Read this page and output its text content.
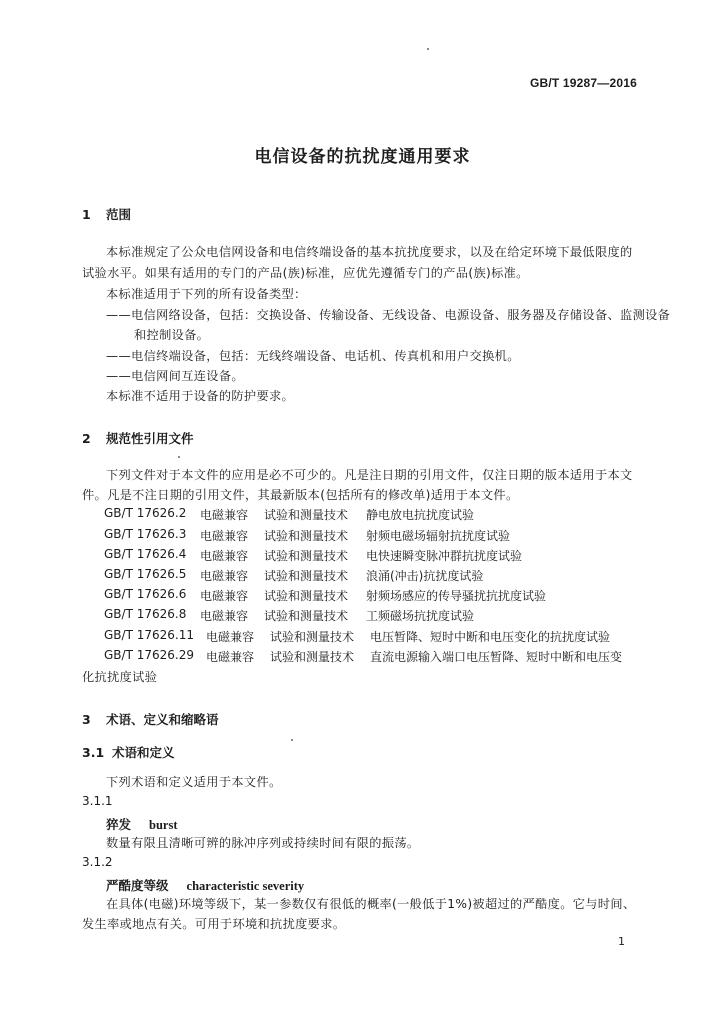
GB/T 19287—2016
电信设备的抗扰度通用要求
1 范围
本标准规定了公众电信网设备和电信终端设备的基本抗扰度要求，以及在给定环境下最低限度的
试验水平。如果有适用的专门的产品(族)标准，应优先遵循专门的产品(族)标准。
本标准适用于下列的所有设备类型：
——电信网络设备，包括：交换设备、传输设备、无线设备、电源设备、服务器及存储设备、监测设备
和控制设备。
——电信终端设备，包括：无线终端设备、电话机、传真机和用户交换机。
——电信网间互连设备。
本标准不适用于设备的防护要求。
2 规范性引用文件
下列文件对于本文件的应用是必不可少的。凡是注日期的引用文件，仅注日期的版本适用于本文
件。凡是不注日期的引用文件，其最新版本(包括所有的修改单)适用于本文件。
GB/T 17626.2 电磁兼容 试验和测量技术 静电放电抗扰度试验
GB/T 17626.3 电磁兼容 试验和测量技术 射频电磁场辐射抗扰度试验
GB/T 17626.4 电磁兼容 试验和测量技术 电快速瞬变脉冲群抗扰度试验
GB/T 17626.5 电磁兼容 试验和测量技术 浪涌(冲击)抗扰度试验
GB/T 17626.6 电磁兼容 试验和测量技术 射频场感应的传导骚扰抗扰度试验
GB/T 17626.8 电磁兼容 试验和测量技术 工频磁场抗扰度试验
GB/T 17626.11 电磁兼容 试验和测量技术 电压暂降、短时中断和电压变化的抗扰度试验
GB/T 17626.29 电磁兼容 试验和测量技术 直流电源输入端口电压暂降、短时中断和电压变
化抗扰度试验
3 术语、定义和缩略语
3.1 术语和定义
下列术语和定义适用于本文件。
3.1.1
猝发 burst
数量有限且清晰可辨的脉冲序列或持续时间有限的振荡。
3.1.2
严酷度等级 characteristic severity
在具体(电磁)环境等级下，某一参数仅有很低的概率(一般低于1%)被超过的严酷度。它与时间、
发生率或地点有关。可用于环境和抗扰度要求。
1
